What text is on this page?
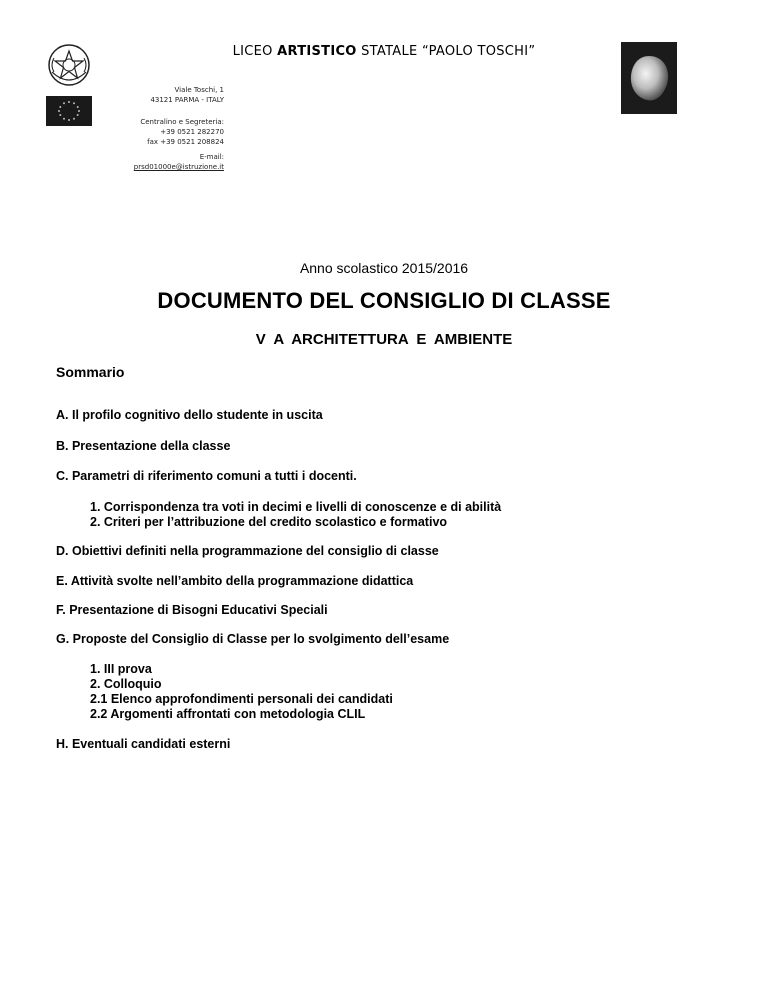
LICEO ARTISTICO STATALE “PAOLO TOSCHI”
Viale Toschi, 1
43121 PARMA - ITALY
Centralino e Segreteria:
+39 0521 282270
fax +39 0521 208824
E-mail:
prsd01000e@istruzione.it
Anno scolastico 2015/2016
DOCUMENTO DEL CONSIGLIO DI CLASSE
V A ARCHITETTURA E AMBIENTE
Sommario
A. Il profilo cognitivo dello studente in uscita
B. Presentazione della classe
C. Parametri di riferimento comuni a tutti i docenti.
1. Corrispondenza tra voti in decimi e livelli di conoscenze e di abilità
2. Criteri per l’attribuzione del credito scolastico e formativo
D. Obiettivi definiti nella programmazione del consiglio di classe
E. Attività svolte nell’ambito della programmazione didattica
F. Presentazione di Bisogni Educativi Speciali
G. Proposte del Consiglio di Classe per lo svolgimento dell’esame
1. III prova
2. Colloquio
2.1 Elenco approfondimenti personali dei candidati
2.2 Argomenti affrontati con metodologia CLIL
H. Eventuali candidati esterni
